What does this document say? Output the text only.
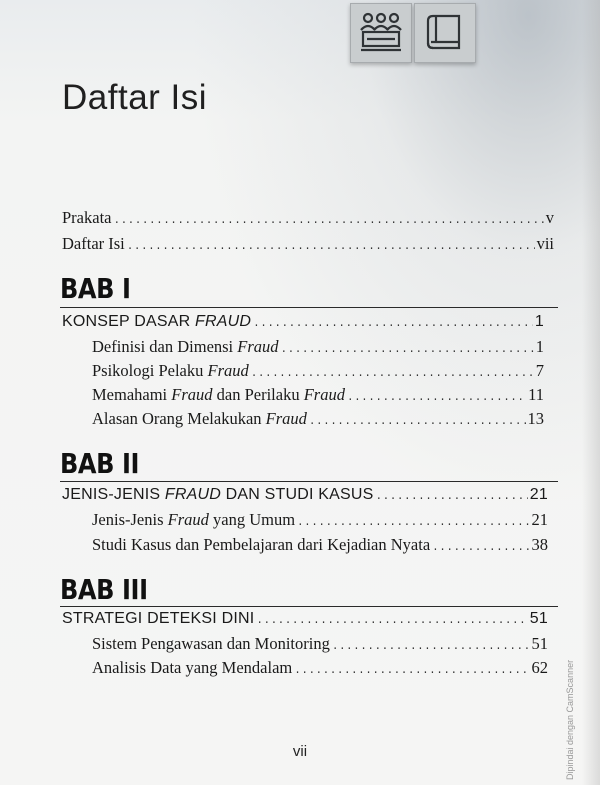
Daftar Isi
Prakata .....	v
Daftar Isi .....	vii
BAB I
KONSEP DASAR FRAUD .....	1
Definisi dan Dimensi Fraud .....	1
Psikologi Pelaku Fraud .....	7
Memahami Fraud dan Perilaku Fraud .....	11
Alasan Orang Melakukan Fraud .....	13
BAB II
JENIS-JENIS FRAUD DAN STUDI KASUS .....	21
Jenis-Jenis Fraud yang Umum .....	21
Studi Kasus dan Pembelajaran dari Kejadian Nyata .....	38
BAB III
STRATEGI DETEKSI DINI .....	51
Sistem Pengawasan dan Monitoring .....	51
Analisis Data yang Mendalam .....	62
vii	Dipindai dengan CamScanner
